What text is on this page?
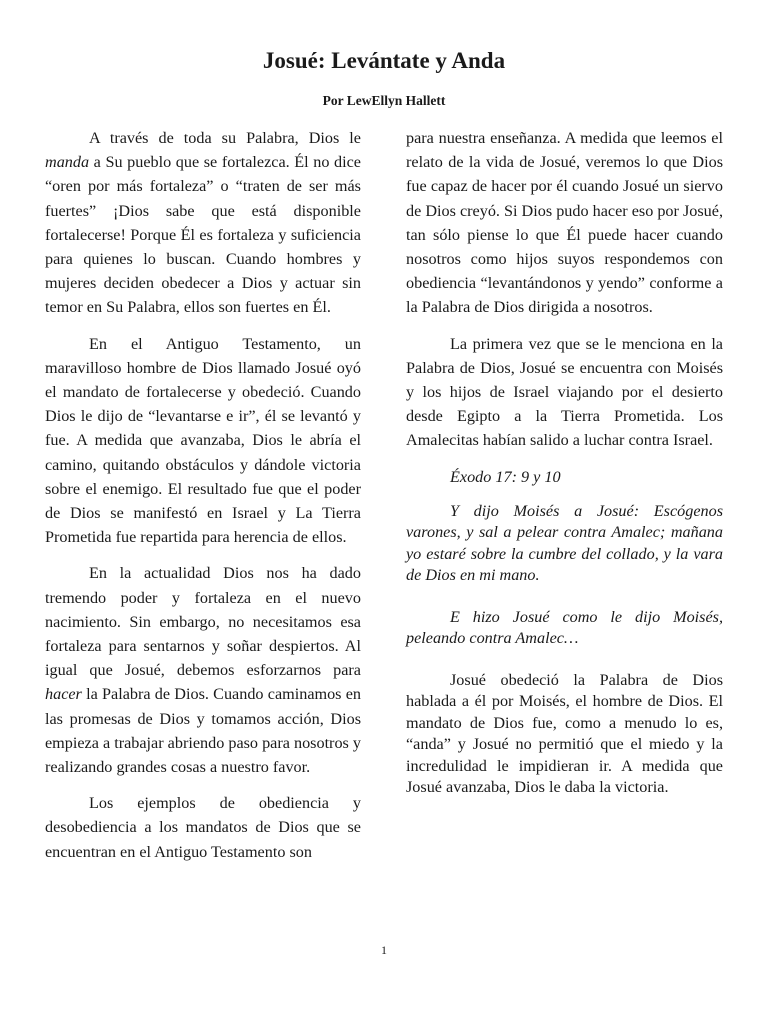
Josué: Levántate y Anda
Por LewEllyn Hallett

A través de toda su Palabra, Dios le manda a Su pueblo que se fortalezca. Él no dice “oren por más fortaleza” o “traten de ser más fuertes” ¡Dios sabe que está disponible fortalecerse! Porque Él es fortaleza y suficiencia para quienes lo buscan. Cuando hombres y mujeres deciden obedecer a Dios y actuar sin temor en Su Palabra, ellos son fuertes en Él.

En el Antiguo Testamento, un maravilloso hombre de Dios llamado Josué oyó el mandato de fortalecerse y obedeció. Cuando Dios le dijo de “levantarse e ir”, él se levantó y fue. A medida que avanzaba, Dios le abría el camino, quitando obstáculos y dándole victoria sobre el enemigo. El resultado fue que el poder de Dios se manifestó en Israel y La Tierra Prometida fue repartida para herencia de ellos.

En la actualidad Dios nos ha dado tremendo poder y fortaleza en el nuevo nacimiento. Sin embargo, no necesitamos esa fortaleza para sentarnos y soñar despiertos. Al igual que Josué, debemos esforzarnos para hacer la Palabra de Dios. Cuando caminamos en las promesas de Dios y tomamos acción, Dios empieza a trabajar abriendo paso para nosotros y realizando grandes cosas a nuestro favor.

Los ejemplos de obediencia y desobediencia a los mandatos de Dios que se encuentran en el Antiguo Testamento son

para nuestra enseñanza. A medida que leemos el relato de la vida de Josué, veremos lo que Dios fue capaz de hacer por él cuando Josué un siervo de Dios creyó. Si Dios pudo hacer eso por Josué, tan sólo piense lo que Él puede hacer cuando nosotros como hijos suyos respondemos con obediencia “levantándonos y yendo” conforme a la Palabra de Dios dirigida a nosotros.

La primera vez que se le menciona en la Palabra de Dios, Josué se encuentra con Moisés y los hijos de Israel viajando por el desierto desde Egipto a la Tierra Prometida. Los Amalecitas habían salido a luchar contra Israel.

Éxodo 17: 9 y 10

Y dijo Moisés a Josué: Escógenos varones, y sal a pelear contra Amalec; mañana yo estaré sobre la cumbre del collado, y la vara de Dios en mi mano.

E hizo Josué como le dijo Moisés, peleando contra Amalec…

Josué obedeció la Palabra de Dios hablada a él por Moisés, el hombre de Dios. El mandato de Dios fue, como a menudo lo es, “anda” y Josué no permitió que el miedo y la incredulidad le impidieran ir. A medida que Josué avanzaba, Dios le daba la victoria.

1
